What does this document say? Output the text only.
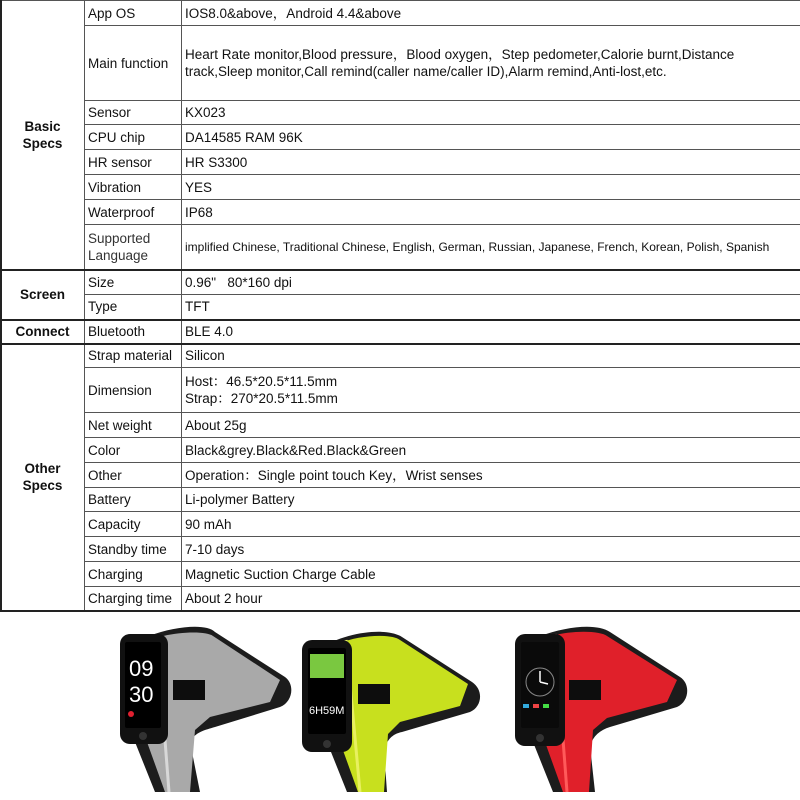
Basic
Specs	App OS	IOS8.0&above，Android 4.4&above
	Main function	Heart Rate monitor,Blood pressure，Blood oxygen，Step pedometer,Calorie burnt,Distance track,Sleep monitor,Call remind(caller name/caller ID),Alarm remind,Anti-lost,etc.
	Sensor	KX023
	CPU chip	DA14585 RAM 96K
	HR sensor	HR S3300
	Vibration	YES
	Waterproof	IP68
	Supported Language	implified Chinese, Traditional Chinese, English, German, Russian, Japanese, French, Korean, Polish, Spanish
Screen	Size	0.96"   80*160 dpi
	Type	TFT
Connect	Bluetooth	BLE 4.0
Other
Specs	Strap material	Silicon
	Dimension	Host：46.5*20.5*11.5mm
Strap：270*20.5*11.5mm

	Net weight	About 25g
	Color	Black&grey.Black&Red.Black&Green
	Other	Operation：Single point touch Key，Wrist senses
	Battery	Li-polymer Battery
	Capacity	90 mAh
	Standby time	7-10 days
	Charging	Magnetic Suction Charge Cable
	Charging time	About 2 hour
09
30
6H59M
